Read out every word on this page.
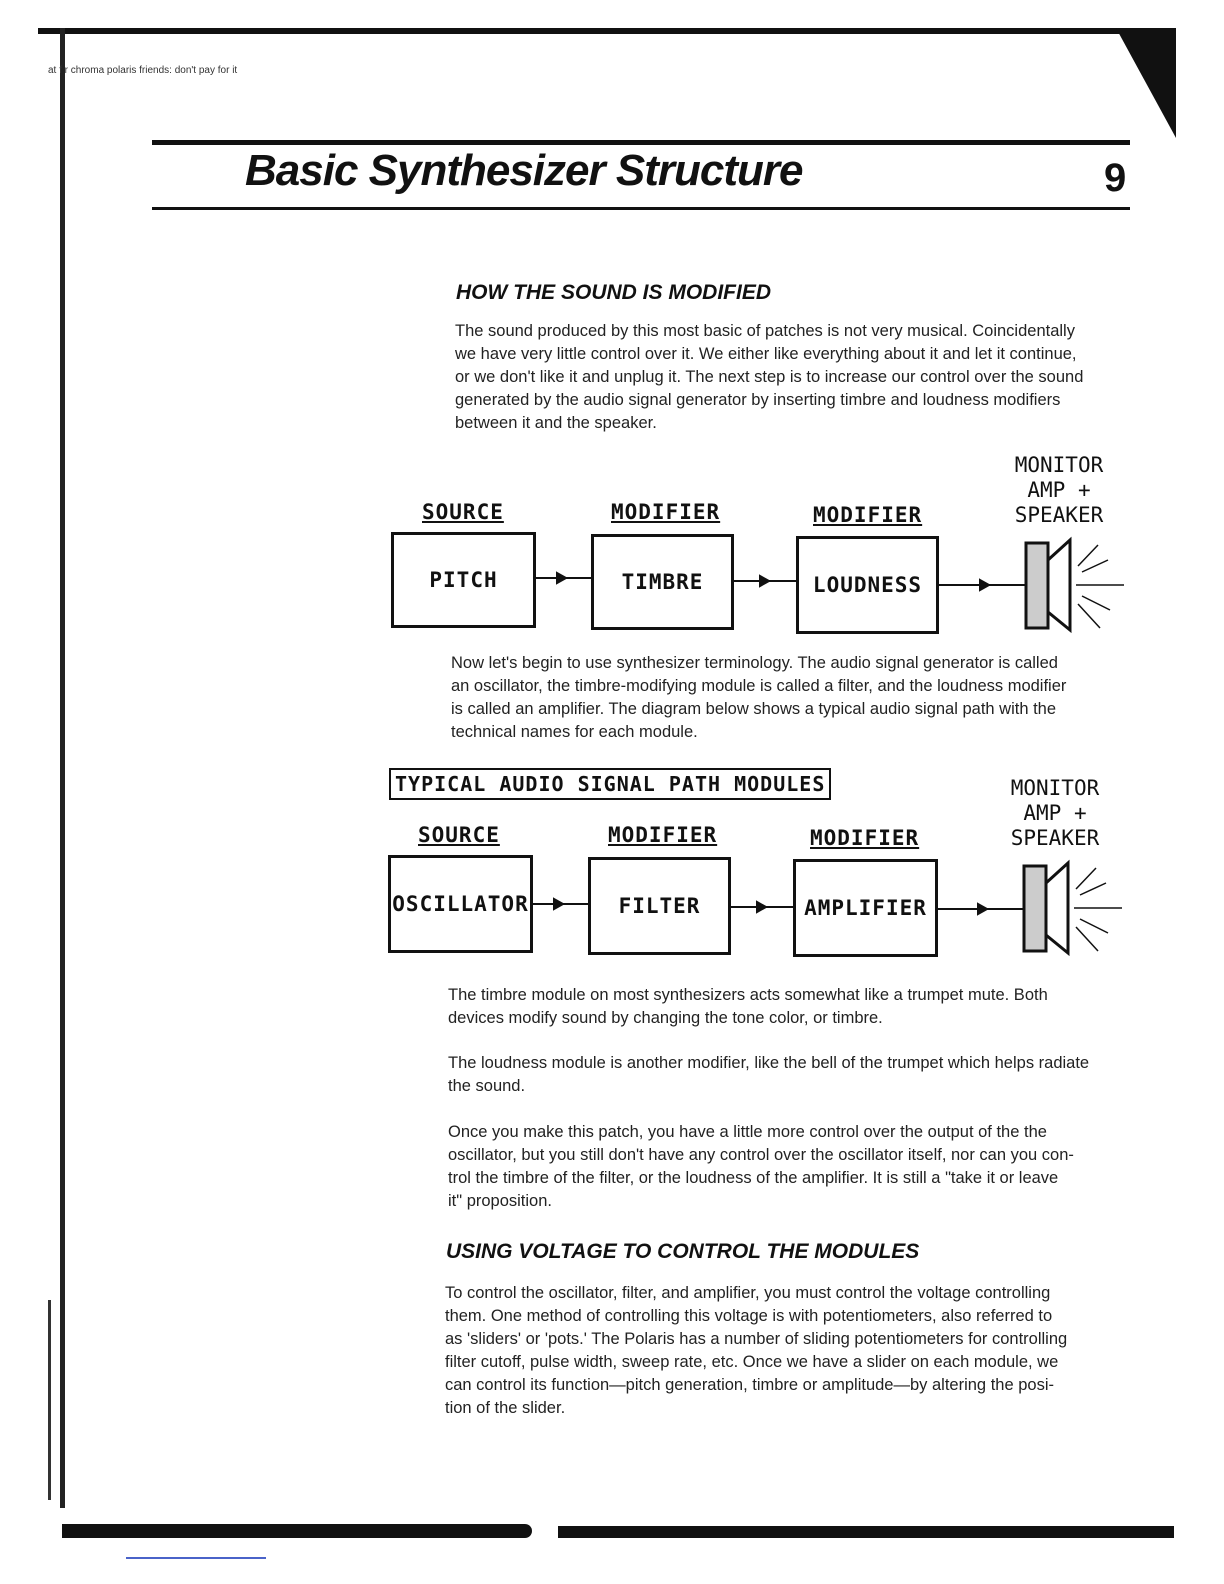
at f r chroma polaris friends: don't pay for it
Basic Synthesizer Structure	9
HOW THE SOUND IS MODIFIED
The sound produced by this most basic of patches is not very musical. Coincidentally
we have very little control over it. We either like everything about it and let it continue,
or we don't like it and unplug it. The next step is to increase our control over the sound
generated by the audio signal generator by inserting timbre and loudness modifiers
between it and the speaker.
SOURCE	MODIFIER	MODIFIER
MONITOR
AMP +
SPEAKER
PITCH	TIMBRE	LOUDNESS
Now let's begin to use synthesizer terminology. The audio signal generator is called
an oscillator, the timbre-modifying module is called a filter, and the loudness modifier
is called an amplifier. The diagram below shows a typical audio signal path with the
technical names for each module.
TYPICAL AUDIO SIGNAL PATH MODULES
SOURCE	MODIFIER	MODIFIER
MONITOR
AMP +
SPEAKER
OSCILLATOR	FILTER	AMPLIFIER
The timbre module on most synthesizers acts somewhat like a trumpet mute. Both
devices modify sound by changing the tone color, or timbre.
The loudness module is another modifier, like the bell of the trumpet which helps radiate
the sound.
Once you make this patch, you have a little more control over the output of the the
oscillator, but you still don't have any control over the oscillator itself, nor can you con-
trol the timbre of the filter, or the loudness of the amplifier. It is still a "take it or leave
it" proposition.
USING VOLTAGE TO CONTROL THE MODULES
To control the oscillator, filter, and amplifier, you must control the voltage controlling
them. One method of controlling this voltage is with potentiometers, also referred to
as 'sliders' or 'pots.' The Polaris has a number of sliding potentiometers for controlling
filter cutoff, pulse width, sweep rate, etc. Once we have a slider on each module, we
can control its function—pitch generation, timbre or amplitude—by altering the posi-
tion of the slider.
